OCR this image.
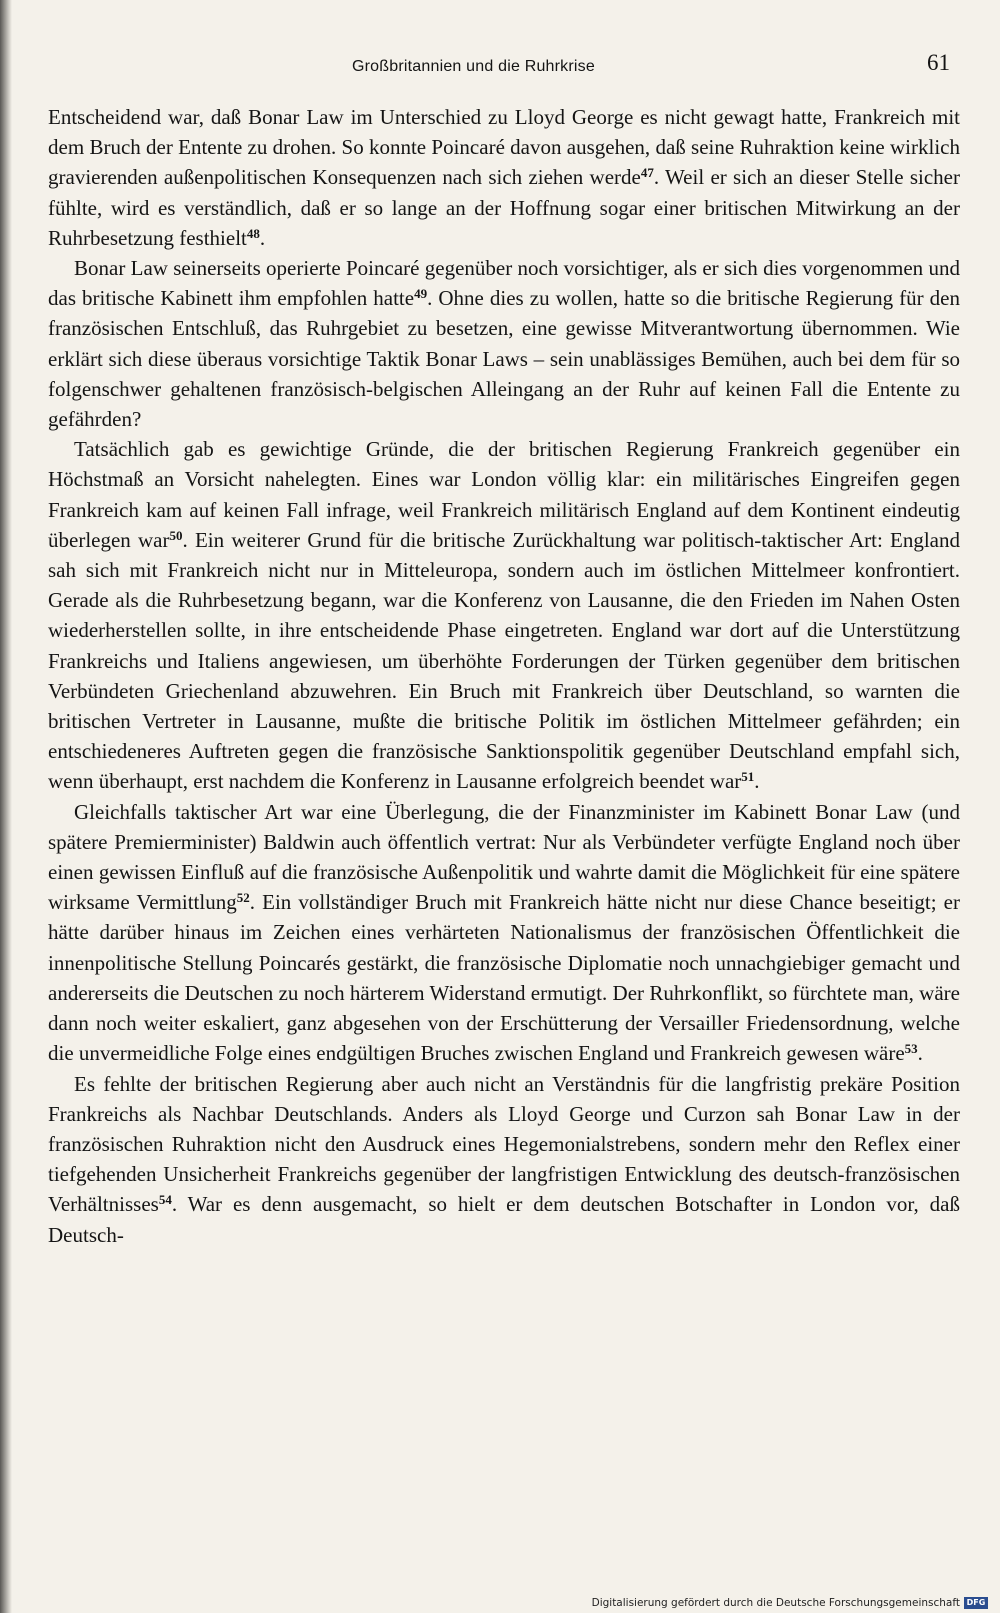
Großbritannien und die Ruhrkrise	61

Entscheidend war, daß Bonar Law im Unterschied zu Lloyd George es nicht gewagt hatte, Frankreich mit dem Bruch der Entente zu drohen. So konnte Poincaré davon ausgehen, daß seine Ruhraktion keine wirklich gravierenden außenpolitischen Konsequenzen nach sich ziehen werde$^{47}$. Weil er sich an dieser Stelle sicher fühlte, wird es verständlich, daß er so lange an der Hoffnung sogar einer britischen Mitwirkung an der Ruhrbesetzung festhielt$^{48}$.

Bonar Law seinerseits operierte Poincaré gegenüber noch vorsichtiger, als er sich dies vorgenommen und das britische Kabinett ihm empfohlen hatte$^{49}$. Ohne dies zu wollen, hatte so die britische Regierung für den französischen Entschluß, das Ruhrgebiet zu besetzen, eine gewisse Mitverantwortung übernommen. Wie erklärt sich diese überaus vorsichtige Taktik Bonar Laws – sein unablässiges Bemühen, auch bei dem für so folgenschwer gehaltenen französisch-belgischen Alleingang an der Ruhr auf keinen Fall die Entente zu gefährden?

Tatsächlich gab es gewichtige Gründe, die der britischen Regierung Frankreich gegenüber ein Höchstmaß an Vorsicht nahelegten. Eines war London völlig klar: ein militärisches Eingreifen gegen Frankreich kam auf keinen Fall infrage, weil Frankreich militärisch England auf dem Kontinent eindeutig überlegen war$^{50}$. Ein weiterer Grund für die britische Zurückhaltung war politisch-taktischer Art: England sah sich mit Frankreich nicht nur in Mitteleuropa, sondern auch im östlichen Mittelmeer konfrontiert. Gerade als die Ruhrbesetzung begann, war die Konferenz von Lausanne, die den Frieden im Nahen Osten wiederherstellen sollte, in ihre entscheidende Phase eingetreten. England war dort auf die Unterstützung Frankreichs und Italiens angewiesen, um überhöhte Forderungen der Türken gegenüber dem britischen Verbündeten Griechenland abzuwehren. Ein Bruch mit Frankreich über Deutschland, so warnten die britischen Vertreter in Lausanne, mußte die britische Politik im östlichen Mittelmeer gefährden; ein entschiedeneres Auftreten gegen die französische Sanktionspolitik gegenüber Deutschland empfahl sich, wenn überhaupt, erst nachdem die Konferenz in Lausanne erfolgreich beendet war$^{51}$.

Gleichfalls taktischer Art war eine Überlegung, die der Finanzminister im Kabinett Bonar Law (und spätere Premierminister) Baldwin auch öffentlich vertrat: Nur als Verbündeter verfügte England noch über einen gewissen Einfluß auf die französische Außenpolitik und wahrte damit die Möglichkeit für eine spätere wirksame Vermittlung$^{52}$. Ein vollständiger Bruch mit Frankreich hätte nicht nur diese Chance beseitigt; er hätte darüber hinaus im Zeichen eines verhärteten Nationalismus der französischen Öffentlichkeit die innenpolitische Stellung Poincarés gestärkt, die französische Diplomatie noch unnachgiebiger gemacht und andererseits die Deutschen zu noch härterem Widerstand ermutigt. Der Ruhrkonflikt, so fürchtete man, wäre dann noch weiter eskaliert, ganz abgesehen von der Erschütterung der Versailler Friedensordnung, welche die unvermeidliche Folge eines endgültigen Bruches zwischen England und Frankreich gewesen wäre$^{53}$.

Es fehlte der britischen Regierung aber auch nicht an Verständnis für die langfristig prekäre Position Frankreichs als Nachbar Deutschlands. Anders als Lloyd George und Curzon sah Bonar Law in der französischen Ruhraktion nicht den Ausdruck eines Hegemonialstrebens, sondern mehr den Reflex einer tiefgehenden Unsicherheit Frankreichs gegenüber der langfristigen Entwicklung des deutsch-französischen Verhältnisses$^{54}$. War es denn ausgemacht, so hielt er dem deutschen Botschafter in London vor, daß Deutsch-

Digitalisierung gefördert durch die Deutsche Forschungsgemeinschaft DFG
